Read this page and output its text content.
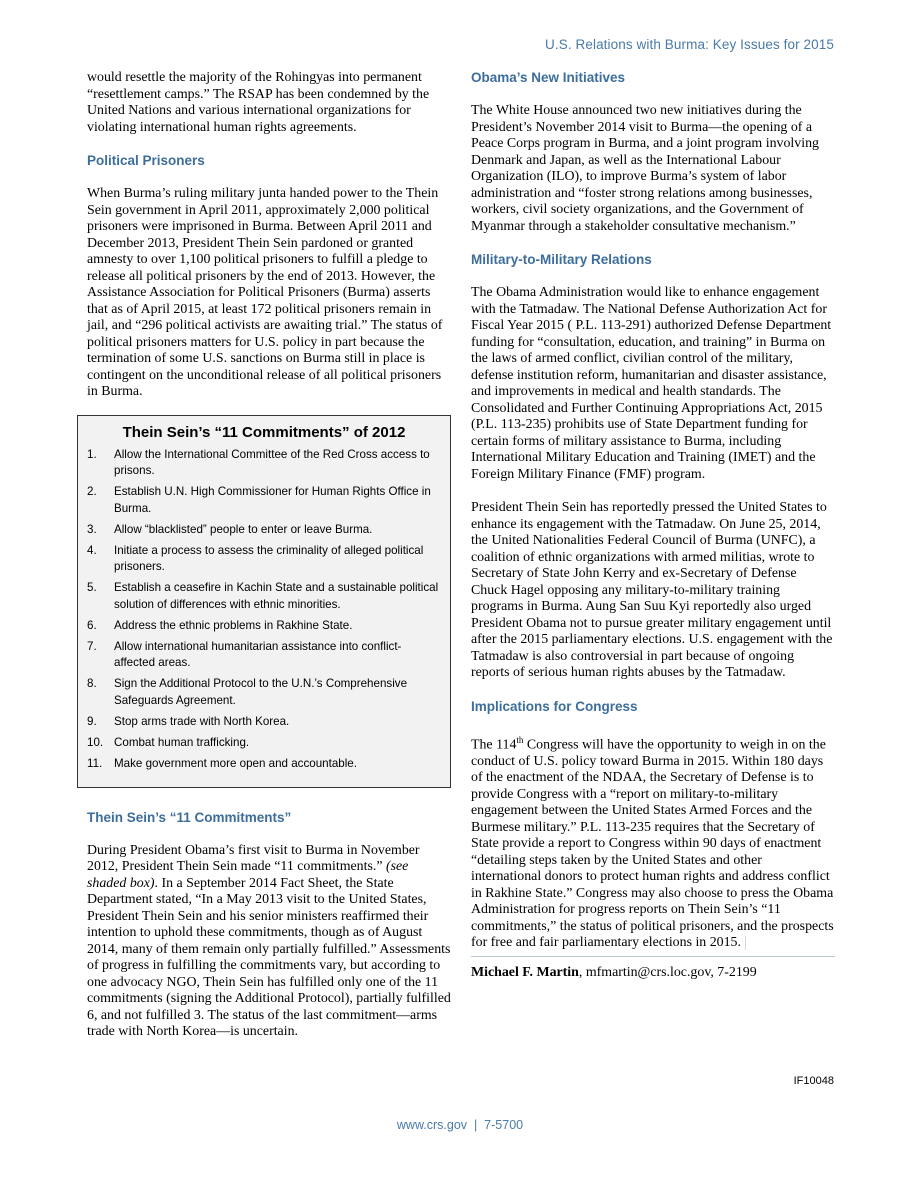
U.S. Relations with Burma: Key Issues for 2015

would resettle the majority of the Rohingyas into permanent “resettlement camps.” The RSAP has been condemned by the United Nations and various international organizations for violating international human rights agreements.

Political Prisoners

When Burma’s ruling military junta handed power to the Thein Sein government in April 2011, approximately 2,000 political prisoners were imprisoned in Burma. Between April 2011 and December 2013, President Thein Sein pardoned or granted amnesty to over 1,100 political prisoners to fulfill a pledge to release all political prisoners by the end of 2013. However, the Assistance Association for Political Prisoners (Burma) asserts that as of April 2015, at least 172 political prisoners remain in jail, and “296 political activists are awaiting trial.” The status of political prisoners matters for U.S. policy in part because the termination of some U.S. sanctions on Burma still in place is contingent on the unconditional release of all political prisoners in Burma.

Thein Sein’s “11 Commitments” of 2012
1.	Allow the International Committee of the Red Cross access to prisons.
2.	Establish U.N. High Commissioner for Human Rights Office in Burma.
3.	Allow “blacklisted” people to enter or leave Burma.
4.	Initiate a process to assess the criminality of alleged political prisoners.
5.	Establish a ceasefire in Kachin State and a sustainable political solution of differences with ethnic minorities.
6.	Address the ethnic problems in Rakhine State.
7.	Allow international humanitarian assistance into conflict-affected areas.
8.	Sign the Additional Protocol to the U.N.’s Comprehensive Safeguards Agreement.
9.	Stop arms trade with North Korea.
10. Combat human trafficking.
11.	Make government more open and accountable.
Thein Sein’s “11 Commitments”

During President Obama’s first visit to Burma in November 2012, President Thein Sein made “11 commitments.” (see shaded box). In a September 2014 Fact Sheet, the State Department stated, “In a May 2013 visit to the United States, President Thein Sein and his senior ministers reaffirmed their intention to uphold these commitments, though as of August 2014, many of them remain only partially fulfilled.” Assessments of progress in fulfilling the commitments vary, but according to one advocacy NGO, Thein Sein has fulfilled only one of the 11 commitments (signing the Additional Protocol), partially fulfilled 6, and not fulfilled 3. The status of the last commitment—arms trade with North Korea—is uncertain.

Obama’s New Initiatives

The White House announced two new initiatives during the President’s November 2014 visit to Burma—the opening of a Peace Corps program in Burma, and a joint program involving Denmark and Japan, as well as the International Labour Organization (ILO), to improve Burma’s system of labor administration and “foster strong relations among businesses, workers, civil society organizations, and the Government of Myanmar through a stakeholder consultative mechanism.”

Military-to-Military Relations

The Obama Administration would like to enhance engagement with the Tatmadaw. The National Defense Authorization Act for Fiscal Year 2015 ( P.L. 113-291) authorized Defense Department funding for “consultation, education, and training” in Burma on the laws of armed conflict, civilian control of the military, defense institution reform, humanitarian and disaster assistance, and improvements in medical and health standards. The Consolidated and Further Continuing Appropriations Act, 2015 (P.L. 113-235) prohibits use of State Department funding for certain forms of military assistance to Burma, including International Military Education and Training (IMET) and the Foreign Military Finance (FMF) program.

President Thein Sein has reportedly pressed the United States to enhance its engagement with the Tatmadaw. On June 25, 2014, the United Nationalities Federal Council of Burma (UNFC), a coalition of ethnic organizations with armed militias, wrote to Secretary of State John Kerry and ex-Secretary of Defense Chuck Hagel opposing any military-to-military training programs in Burma. Aung San Suu Kyi reportedly also urged President Obama not to pursue greater military engagement until after the 2015 parliamentary elections. U.S. engagement with the Tatmadaw is also controversial in part because of ongoing reports of serious human rights abuses by the Tatmadaw.

Implications for Congress

The 114th Congress will have the opportunity to weigh in on the conduct of U.S. policy toward Burma in 2015. Within 180 days of the enactment of the NDAA, the Secretary of Defense is to provide Congress with a “report on military-to-military engagement between the United States Armed Forces and the Burmese military.” P.L. 113-235 requires that the Secretary of State provide a report to Congress within 90 days of enactment “detailing steps taken by the United States and other international donors to protect human rights and address conflict in Rakhine State.” Congress may also choose to press the Obama Administration for progress reports on Thein Sein’s “11 commitments,” the status of political prisoners, and the prospects for free and fair parliamentary elections in 2015.

Michael F. Martin, mfmartin@crs.loc.gov, 7-2199

IF10048
www.crs.gov  |  7-5700
